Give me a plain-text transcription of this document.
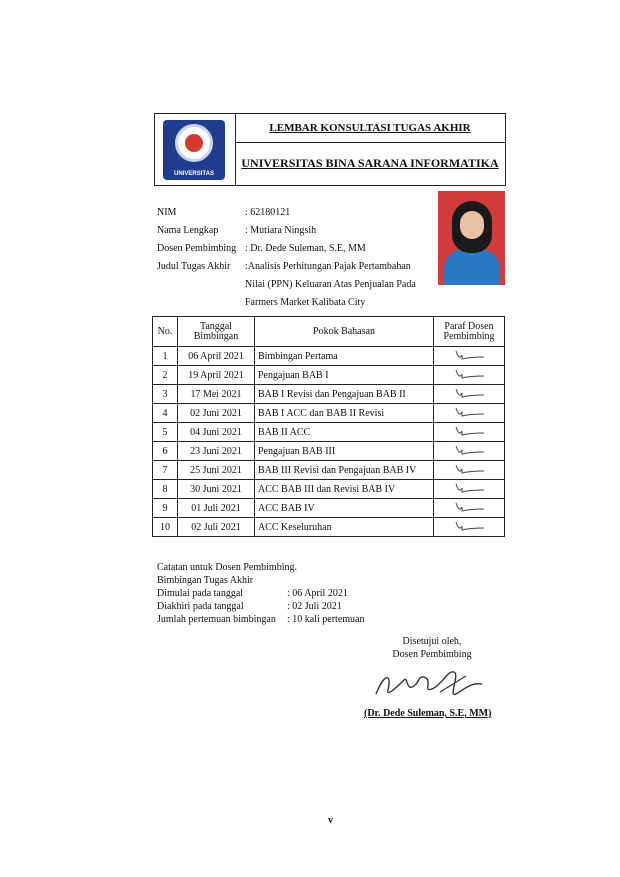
UNIVERSITAS
LEMBAR KONSULTASI TUGAS AKHIR
UNIVERSITAS BINA SARANA INFORMATIKA
NIM	: 62180121
Nama Lengkap	: Mutiara Ningsih
Dosen Pembimbing : Dr. Dede Suleman, S.E, MM
Judul Tugas Akhir	:Analisis Perhitungan Pajak Pertambahan
Nilai (PPN) Keluaran Atas Penjualan Pada
Farmers Market Kalibata City
No.	Tanggal Bimbingan	Pokok Bahasan	Paraf Dosen Pembimbing
1	06 April 2021	Bimbingan Pertama	

2	19 April 2021	Pengajuan BAB I	

3	17 Mei 2021	BAB I Revisi dan Pengajuan BAB II	

4	02 Juni 2021	BAB I ACC dan BAB II Revisi	

5	04 Juni 2021	BAB II ACC	

6	23 Juni 2021	Pengajuan BAB III	

7	25 Juni 2021	BAB III Revisi dan Pengajuan BAB IV	

8	30 Juni 2021	ACC BAB III dan Revisi BAB IV	

9	01 Juli 2021	ACC BAB IV	

10	02 Juli 2021	ACC Keseluruhan	
Catatan untuk Dosen Pembimbing.
Bimbingan Tugas Akhir
Dimulai pada tanggal	: 06 April 2021
Diakhiri pada tanggal	: 02 Juli 2021
Jumlah pertemuan bimbingan	: 10 kali pertemuan
Disetujui oleh,
Dosen Pembimbing
(Dr. Dede Suleman, S.E, MM)
v
